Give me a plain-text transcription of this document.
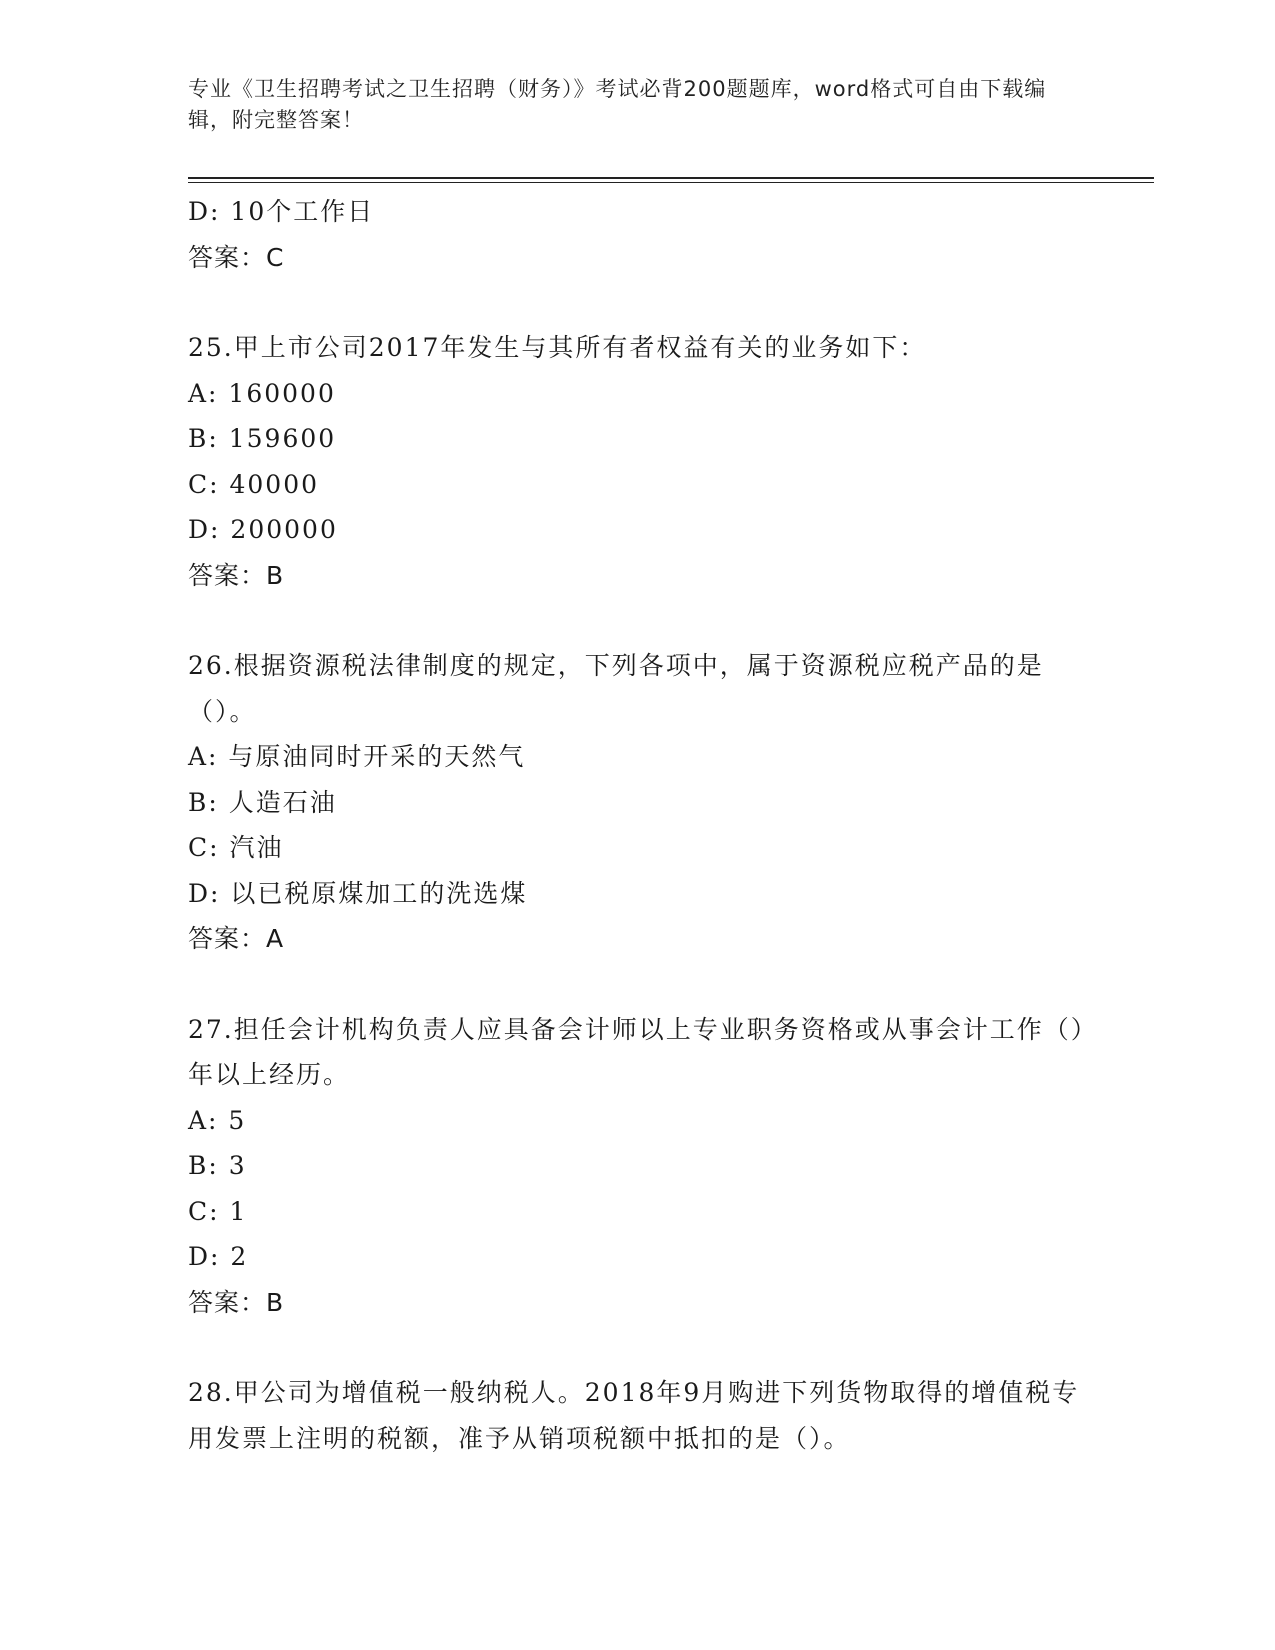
专业《卫生招聘考试之卫生招聘（财务）》考试必背200题题库，word格式可自由下载编辑，附完整答案！
D: 10个工作日
答案：C
25.甲上市公司2017年发生与其所有者权益有关的业务如下：
A: 160000
B: 159600
C: 40000
D: 200000
答案：B
26.根据资源税法律制度的规定，下列各项中，属于资源税应税产品的是（）。
A: 与原油同时开采的天然气
B: 人造石油
C: 汽油
D: 以已税原煤加工的洗选煤
答案：A
27.担任会计机构负责人应具备会计师以上专业职务资格或从事会计工作（）年以上经历。
A: 5
B: 3
C: 1
D: 2
答案：B
28.甲公司为增值税一般纳税人。2018年9月购进下列货物取得的增值税专用发票上注明的税额，准予从销项税额中抵扣的是（）。
